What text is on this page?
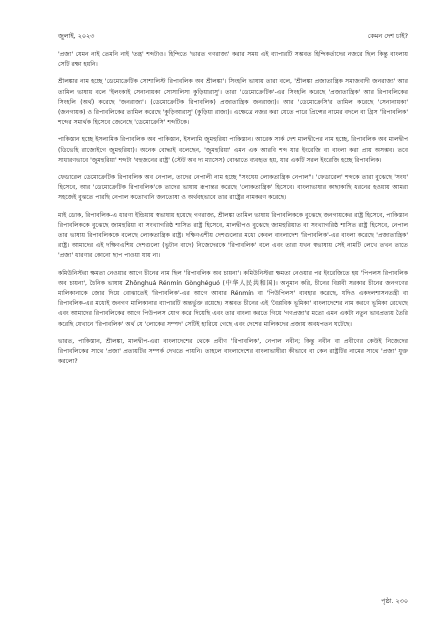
জুলাই, ২০২৩	কেমন দেশ চাই?

'প্রজা' যেমন নাই তেমনি নাই 'তন্ত্র' শব্দটাও। হিন্দিতে 'ভারত গণরাজ্য' করার সময় এই ব্যাপারটি সম্ভবত হিন্দিকর্তাদের নজরে ছিল কিন্তু বাংলায় সেটি রক্ষা হয়নি।

শ্রীলঙ্কার নাম হচ্ছে 'ডেমোক্রেটিক সোশালিস্ট রিপাবলিক অব শ্রীলঙ্কা'। সিংহলি ভাষায় তারা বলে, 'শ্রীলঙ্কা প্রজাতান্ত্রিক সমাজবাদী জনরাজ্য' আর তামিল ভাষায় বলে 'ইলংকাই সেনানায়কা সোসালিসা কুড়িয়ারাসু'। তারা 'ডেমোক্রেটিক'-এর সিংহলি করেছে 'প্রজাতান্ত্রিক' আর রিপাবলিকের সিংহলি (অর্থ) করেছে 'জনরাজ্য'। (ডেমোক্রেটিক রিপাবলিক) প্রজাতান্ত্রিক জনরাজ্য)। আর 'ডেমোক্রেসি'র তামিল করেছে 'সেনানায়কা' (জনগায়ক) ও রিপাবলিকের তামিল করেছে 'কুড়িআরাসু' (কুড়িয়া রাজ্য)। এক্ষেত্রে নজর করা যেতে পারে প্রিন্সের নামের বদলে বা গ্রিস 'রিপাবলিক' শব্দের সমার্থক হিসেবে জেনেছে 'ডেমোক্রেসি' শব্দটিকে।

পাকিস্তান হচ্ছে ইসলামিক রিপাবলিক অব পাকিস্তান, ইসলামি জুমহুরিয়া পাকিস্তান। আরেক সার্ক দেশ মালদ্বীপের নাম হচ্ছে, রিপাবলিক অব মালদ্বীপ (ডিভেহি রাজ্যেইগে জুমহুরিয়া)। অনেক বোদ্ধাই বলেছেন, 'জুমহুরিয়া' এমন এক আরবি শব্দ যার ইংরেজি বা বাংলা করা প্রায় অসম্ভব। তবে সাধারণভাবে 'জুমহুরিয়া' শব্দটা 'বহুজনের রাষ্ট্র' (স্টেট অব দ্য ম্যাসেস) বোঝাতে ব্যবহৃত হয়, যার একটি সরল ইংরেজি হচ্ছে রিপাবলিক।

ফেডারেল ডেমোক্রেটিক রিপাবলিক অব নেপাল, তাদের নেপালী নাম হচ্ছে "সংঘেয় লোকতান্ত্রিক নেপাল"। 'ফেডারেল' শব্দকে তারা বুঝেছে 'সংঘ' হিসেবে, আর 'ডেমোক্রেটিক রিপাবলিক'কে তাদের ভাষায় রূপান্তর করেছে 'লোকতান্ত্রিক' হিসেবে। বাংলাভাষার কাছাকাছি ধরনের হওয়ায় আমরা সহজেই বুঝতে পারছি নেপাল কতোখানি জনতোষা ও অর্থবহভাবে তার রাষ্ট্রের নামকরণ করেছে।

মাই ডোক, রিপাবলিক-এ ধারণা ইন্ডিয়ায় স্বভাষায় হয়েছে গণরাজ্য, শ্রীলঙ্কা তামিল ভাষায় রিপাবলিককে বুঝেছে জনগায়কের রাষ্ট্র হিসেবে, পাকিস্তান রিপাবলিককে বুঝেছে জামহুরিয়া বা সংখ্যাগরিষ্ঠ শাসিত রাষ্ট্র হিসেবে, মালদ্বীপও বুঝেছে জামহুরিয়াত বা সংখ্যাগরিষ্ঠ শাসিত রাষ্ট্র হিসেবে, নেপাল তার ভাষায় রিপাবলিককে বলেছে লোকতান্ত্রিক রাষ্ট্র। দক্ষিণএশীয় দেশগুলোর মধ্যে কেবল বাংলাদেশ 'রিপাবলিক'-এর বাংলা করেছে 'প্রজাতান্ত্রিক' রাষ্ট্র। আমাদের এই দক্ষিণএশিয় দেশগুলো (ভুটান বাদে) নিজেদেরকে 'রিপাবলিক' বলে এবং তারা যখন স্বভাষায় সেই নামটি লেখে তখন তাতে 'প্রজা' ধারণার কোনো ছাপ পাওয়া যায় না।

কমিউনিস্টরা ক্ষমতা নেওয়ার আগে চীনের নাম ছিল 'রিপাবলিক অব চায়না'। কমিউনিস্টরা ক্ষমতা নেওয়ার পর ইংরেজিতে হয় 'পিপলস রিপাবলিক অব চায়না', চৈনিক ভাষায় Zhōnghuá Rénmín Gònghéguó (中华人民共和国)। অনুমান করি, চীনের বিপ্লবী সরকার চীনের জনগণের মালিকানাকে জোর দিয়ে বোঝাতেই 'রিপাবলিক'-এর আগে আবার Rénmín বা 'পিউপিলস' ব্যবহার করেছে, যদিও একদলশাসনতন্ত্রী বা রিপাবলিক-এর মধ্যেই জনগণ মালিকানার ব্যাপারটি অন্তর্ভুক্ত রয়েছে। সম্ভবত চীনের এই 'বৈপ্লবিক ভূমিকা' বাংলাদেশের নাম করণে ভূমিকা রেখেছে এবং আমাদের রিপাবলিকের আগে পিউপলস যোগ করে দিয়েছি এবং তার বাংলা করতে গিয়ে 'গণপ্রজা'র মতো এমন একটা নতুন ভাবপ্রত্যয় তৈরি করেছি যেখানে 'রিপাবলিক' অর্থ যে 'লোকের সম্পদ' সেটিই হারিয়ে গেছে এবং দেশের মালিকদের প্রজায় অবধপতন ঘটেছে।

ভারত, পাকিস্তান, শ্রীলঙ্কা, মালদ্বীপ-এরা বাংলাদেশের থেকে প্রবীণ 'রিপাবলিক', নেপাল নবীন; কিন্তু নবীন বা প্রবীণের কেউই নিজেদের রিপাবলিকের সাথে 'প্রজা' প্রত্যয়টির সম্পর্ক দেখতে পায়নি। তাহলে বাংলাদেশের বাংলাভাষীরা কীভাবে বা কেন রাষ্ট্রটির নামের সাথে 'প্রজা' যুক্ত করলো?

পৃষ্ঠা. ২৩০
